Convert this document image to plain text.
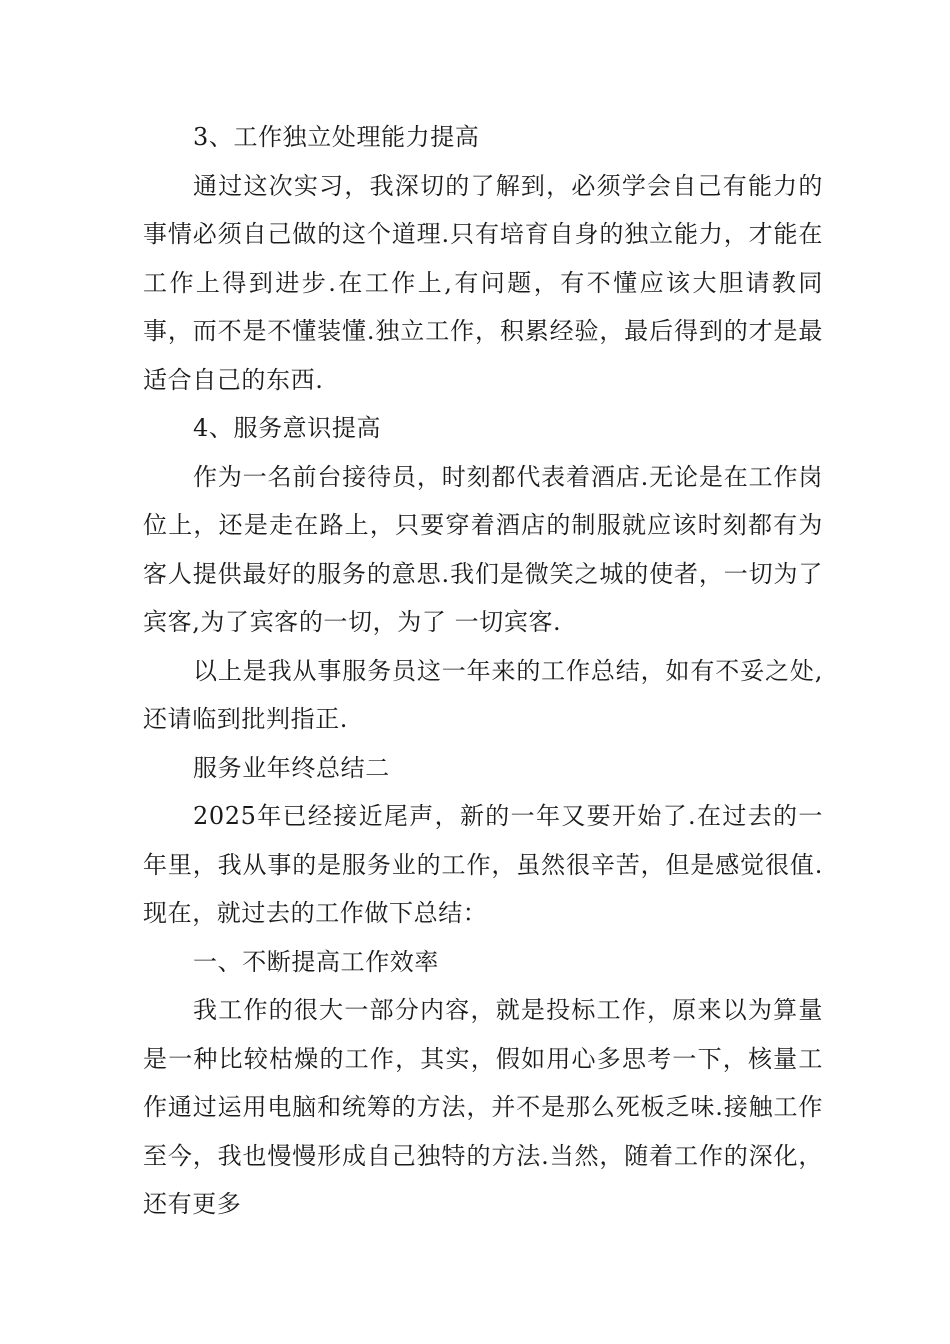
3、工作独立处理能力提高

通过这次实习，我深切的了解到，必须学会自己有能力的事情必须自己做的这个道理.只有培育自身的独立能力，才能在工作上得到进步.在工作上,有问题，有不懂应该大胆请教同事，而不是不懂装懂.独立工作，积累经验，最后得到的才是最适合自己的东西.

4、服务意识提高

作为一名前台接待员，时刻都代表着酒店.无论是在工作岗位上，还是走在路上，只要穿着酒店的制服就应该时刻都有为客人提供最好的服务的意思.我们是微笑之城的使者，一切为了宾客,为了宾客的一切，为了 一切宾客.

以上是我从事服务员这一年来的工作总结，如有不妥之处,还请临到批判指正.

服务业年终总结二

2025年已经接近尾声，新的一年又要开始了.在过去的一年里，我从事的是服务业的工作，虽然很辛苦，但是感觉很值.现在，就过去的工作做下总结：

一、不断提高工作效率

我工作的很大一部分内容，就是投标工作，原来以为算量是一种比较枯燥的工作，其实，假如用心多思考一下，核量工作通过运用电脑和统筹的方法，并不是那么死板乏味.接触工作至今，我也慢慢形成自己独特的方法.当然，随着工作的深化，还有更多
